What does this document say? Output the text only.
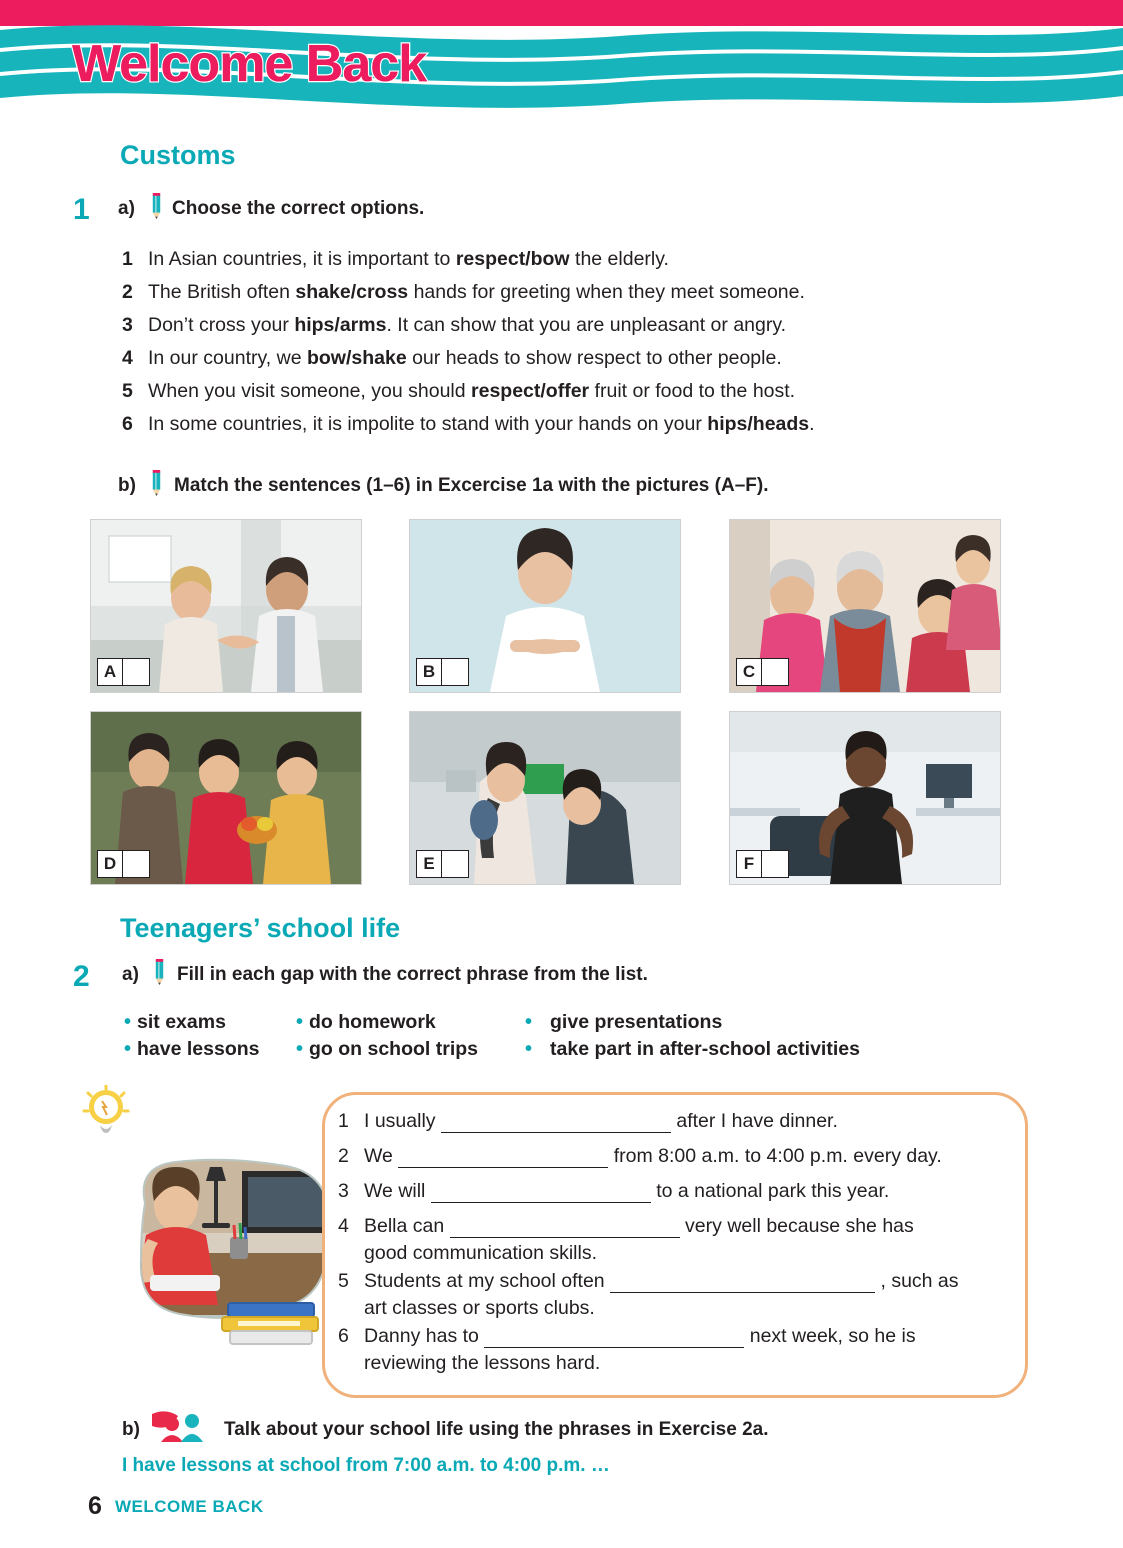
Welcome Back
Customs
1 a) Choose the correct options.
1 In Asian countries, it is important to respect/bow the elderly.
2 The British often shake/cross hands for greeting when they meet someone.
3 Don’t cross your hips/arms. It can show that you are unpleasant or angry.
4 In our country, we bow/shake our heads to show respect to other people.
5 When you visit someone, you should respect/offer fruit or food to the host.
6 In some countries, it is impolite to stand with your hands on your hips/heads.
b) Match the sentences (1–6) in Excercise 1a with the pictures (A–F).
A	B	C
D	E	F
Teenagers’ school life
2 a) Fill in each gap with the correct phrase from the list.
• sit exams	• do homework	• give presentations
• have lessons • go on school trips • take part in after-school activities
1 I usually	after I have dinner.
2 We	from 8:00 a.m. to 4:00 p.m. every day.
3 We will	to a national park this year.
4 Bella can	very well because she has
good communication skills.
5 Students at my school often	, such as
art classes or sports clubs.
6 Danny has to	next week, so he is
reviewing the lessons hard.
b)	Talk about your school life using the phrases in Exercise 2a.
I have lessons at school from 7:00 a.m. to 4:00 p.m. …
6 WELCOME BACK
